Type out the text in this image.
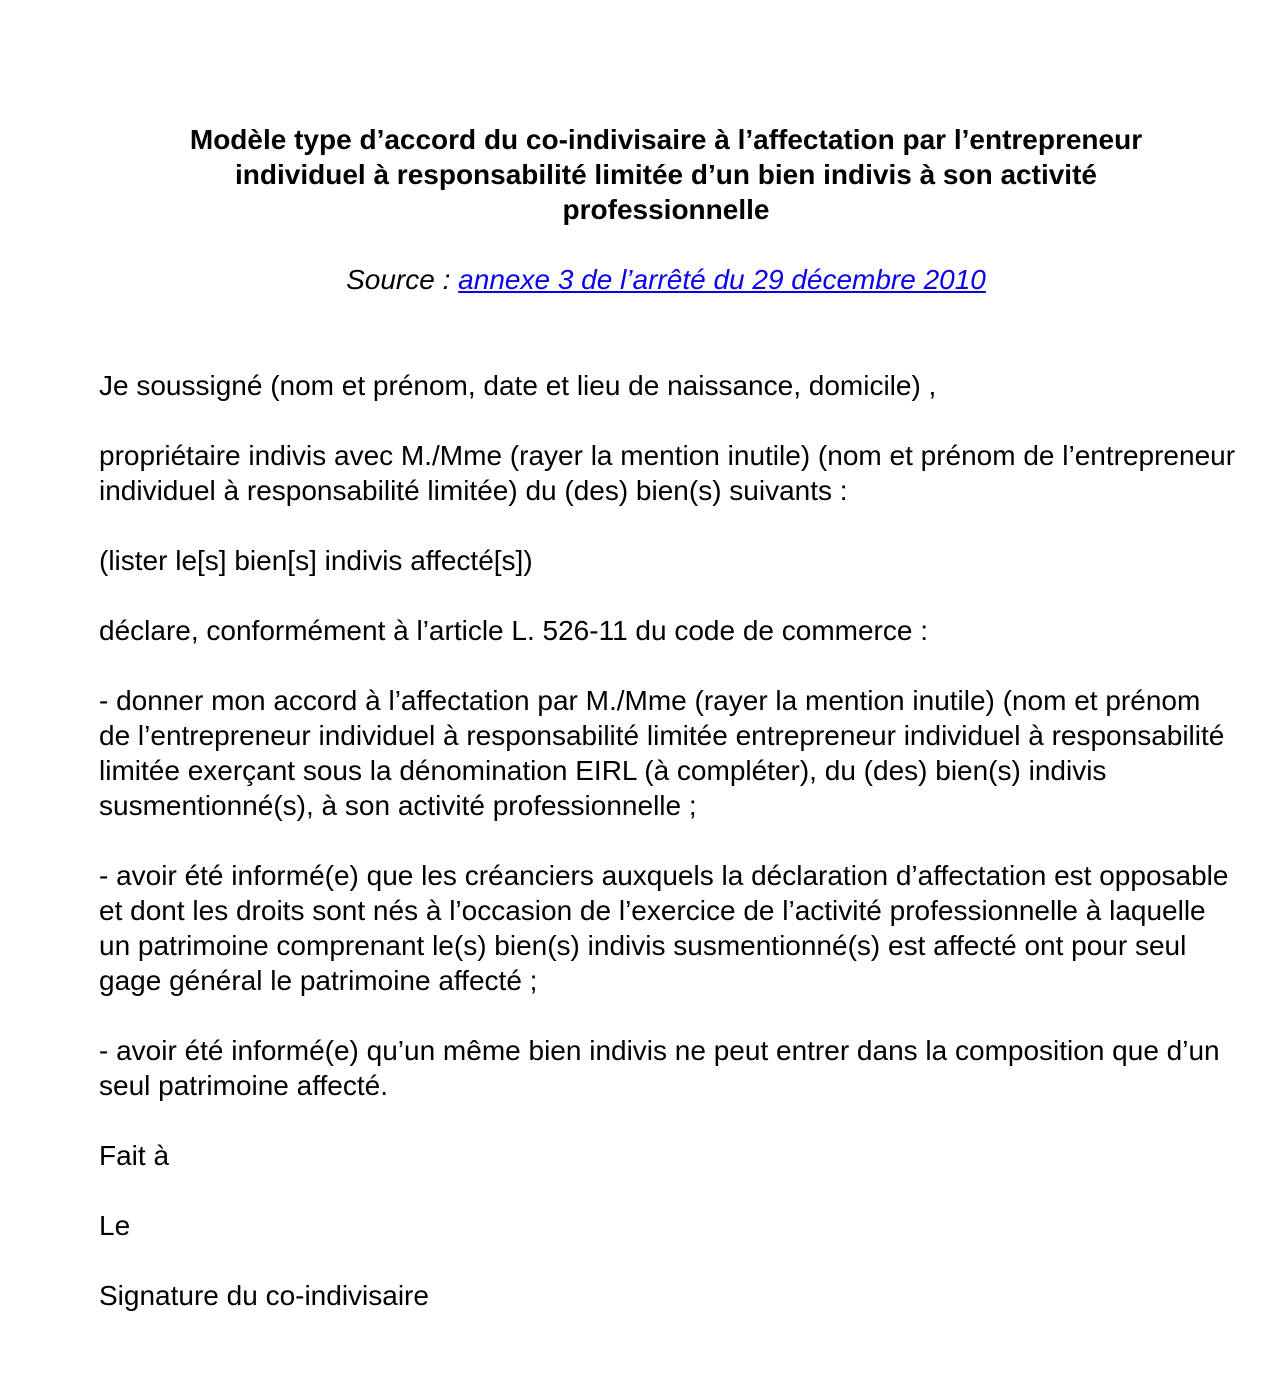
Modèle type d’accord du co-indivisaire à l’affectation par l’entrepreneur individuel à responsabilité limitée d’un bien indivis à son activité professionnelle

Source : annexe 3 de l’arrêté du 29 décembre 2010

Je soussigné (nom et prénom, date et lieu de naissance, domicile) ,

propriétaire indivis avec M./Mme (rayer la mention inutile) (nom et prénom de l’entrepreneur individuel à responsabilité limitée) du (des) bien(s) suivants :

(lister le[s] bien[s] indivis affecté[s])

déclare, conformément à l’article L. 526-11 du code de commerce :

- donner mon accord à l’affectation par M./Mme (rayer la mention inutile) (nom et prénom de l’entrepreneur individuel à responsabilité limitée entrepreneur individuel à responsabilité limitée exerçant sous la dénomination EIRL (à compléter), du (des) bien(s) indivis susmentionné(s), à son activité professionnelle ;

- avoir été informé(e) que les créanciers auxquels la déclaration d’affectation est opposable et dont les droits sont nés à l’occasion de l’exercice de l’activité professionnelle à laquelle un patrimoine comprenant le(s) bien(s) indivis susmentionné(s) est affecté ont pour seul gage général le patrimoine affecté ;

- avoir été informé(e) qu’un même bien indivis ne peut entrer dans la composition que d’un seul patrimoine affecté.

Fait à

Le

Signature du co-indivisaire
